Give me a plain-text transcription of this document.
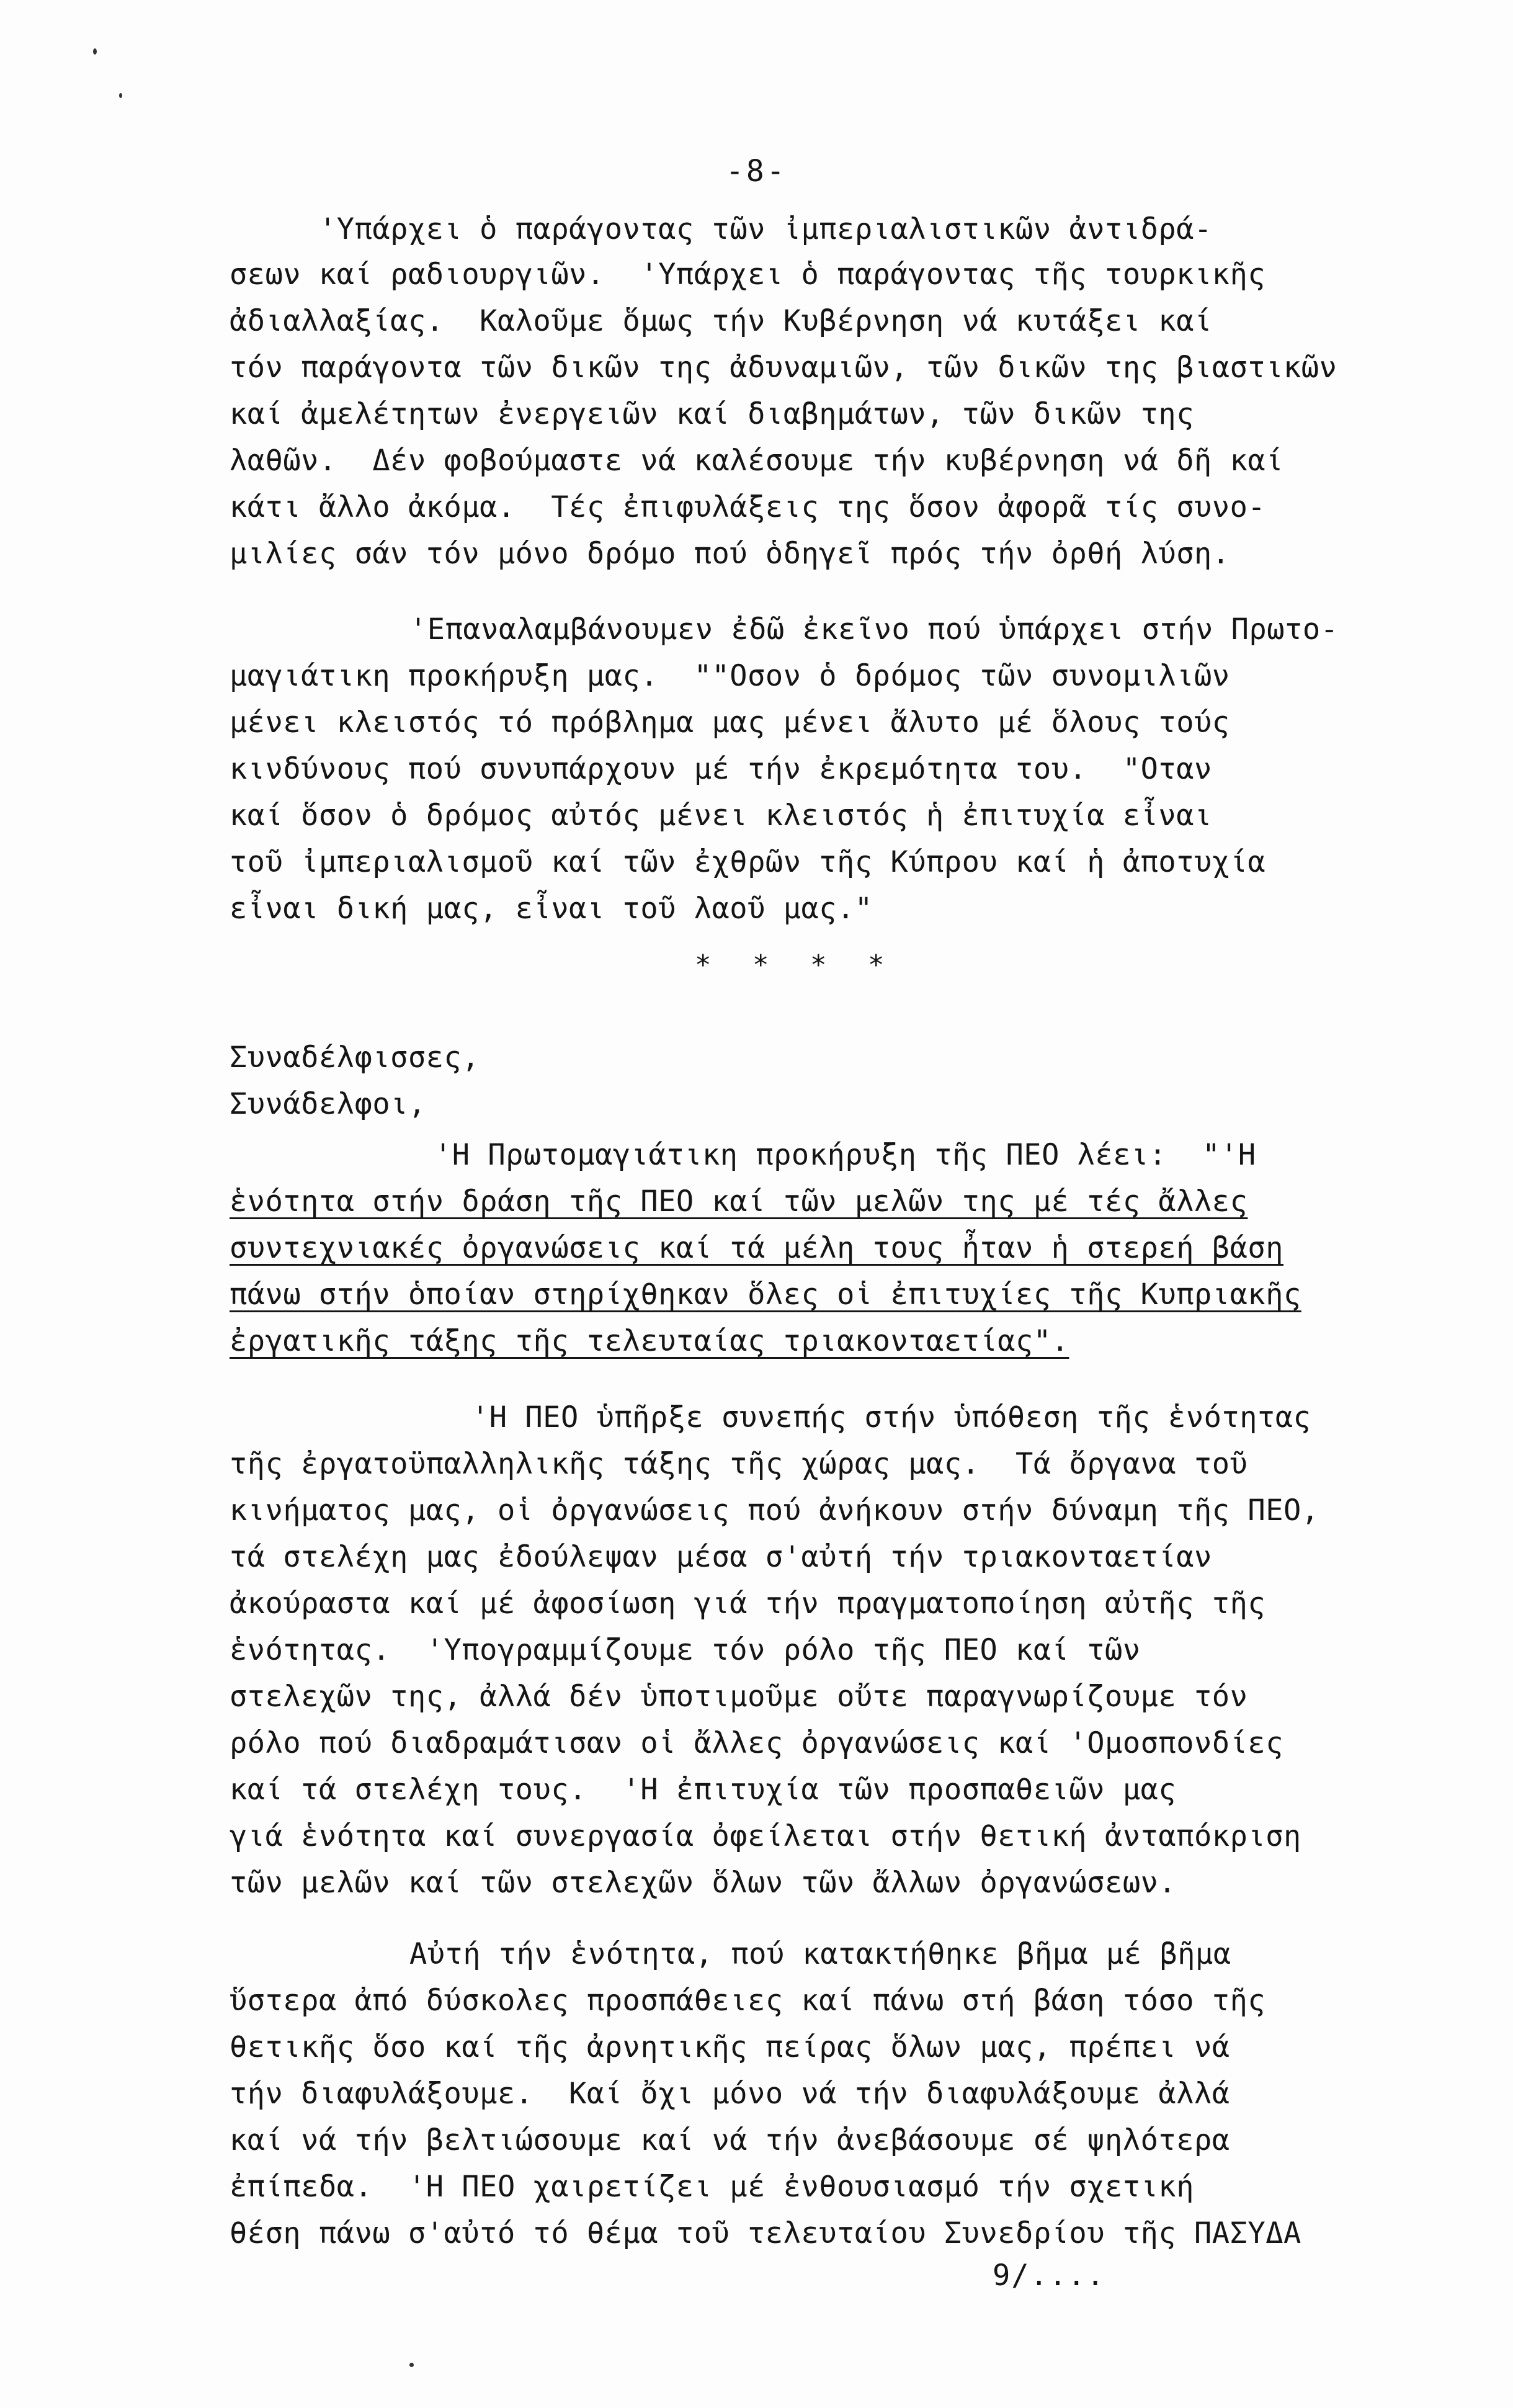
-8-
'Υπάρχει ὁ παράγοντας τῶν ἰμπεριαλιστικῶν ἀντιδρά-
σεων καί ραδιουργιῶν.  'Υπάρχει ὁ παράγοντας τῆς τουρκικῆς
ἀδιαλλαξίας.  Καλοῦμε ὅμως τήν Κυβέρνηση νά κυτάξει καί
τόν παράγοντα τῶν δικῶν της ἀδυναμιῶν, τῶν δικῶν της βιαστικῶν
καί ἀμελέτητων ἐνεργειῶν καί διαβημάτων, τῶν δικῶν της
λαθῶν.  Δέν φοβούμαστε νά καλέσουμε τήν κυβέρνηση νά δῆ καί
κάτι ἄλλο ἀκόμα.  Τές ἐπιφυλάξεις της ὅσον ἀφορᾶ τίς συνο-
μιλίες σάν τόν μόνο δρόμο πού ὁδηγεῖ πρός τήν ὀρθή λύση.
'Επαναλαμβάνουμεν ἐδῶ ἐκεῖνο πού ὑπάρχει στήν Πρωτο-
μαγιάτικη προκήρυξη μας.  ""Οσον ὁ δρόμος τῶν συνομιλιῶν
μένει κλειστός τό πρόβλημα μας μένει ἄλυτο μέ ὅλους τούς
κινδύνους πού συνυπάρχουν μέ τήν ἐκρεμότητα του.  "Οταν
καί ὅσον ὁ δρόμος αὐτός μένει κλειστός ἡ ἐπιτυχία εἶναι
τοῦ ἰμπεριαλισμοῦ καί τῶν ἐχθρῶν τῆς Κύπρου καί ἡ ἀποτυχία
εἶναι δική μας, εἶναι τοῦ λαοῦ μας."
* * * *
Συναδέλφισσες,
Συνάδελφοι,
'Η Πρωτομαγιάτικη προκήρυξη τῆς ΠΕΟ λέει:  "'Η
ἑνότητα στήν δράση τῆς ΠΕΟ καί τῶν μελῶν της μέ τές ἄλλες
συντεχνιακές ὀργανώσεις καί τά μέλη τους ἦταν ἡ στερεή βάση
πάνω στήν ὁποίαν στηρίχθηκαν ὅλες οἱ ἐπιτυχίες τῆς Κυπριακῆς
ἐργατικῆς τάξης τῆς τελευταίας τριακονταετίας".
'Η ΠΕΟ ὑπῆρξε συνεπής στήν ὑπόθεση τῆς ἑνότητας
τῆς ἐργατοϋπαλληλικῆς τάξης τῆς χώρας μας.  Τά ὄργανα τοῦ
κινήματος μας, οἱ ὀργανώσεις πού ἀνήκουν στήν δύναμη τῆς ΠΕΟ,
τά στελέχη μας ἐδούλεψαν μέσα σ'αὐτή τήν τριακονταετίαν
ἀκούραστα καί μέ ἀφοσίωση γιά τήν πραγματοποίηση αὐτῆς τῆς
ἑνότητας.  'Υπογραμμίζουμε τόν ρόλο τῆς ΠΕΟ καί τῶν
στελεχῶν της, ἀλλά δέν ὑποτιμοῦμε οὔτε παραγνωρίζουμε τόν
ρόλο πού διαδραμάτισαν οἱ ἄλλες ὀργανώσεις καί 'Ομοσπονδίες
καί τά στελέχη τους.  'Η ἐπιτυχία τῶν προσπαθειῶν μας
γιά ἑνότητα καί συνεργασία ὀφείλεται στήν θετική ἀνταπόκριση
τῶν μελῶν καί τῶν στελεχῶν ὅλων τῶν ἄλλων ὀργανώσεων.
Αὐτή τήν ἑνότητα, πού κατακτήθηκε βῆμα μέ βῆμα
ὕστερα ἀπό δύσκολες προσπάθειες καί πάνω στή βάση τόσο τῆς
θετικῆς ὅσο καί τῆς ἀρνητικῆς πείρας ὅλων μας, πρέπει νά
τήν διαφυλάξουμε.  Καί ὄχι μόνο νά τήν διαφυλάξουμε ἀλλά
καί νά τήν βελτιώσουμε καί νά τήν ἀνεβάσουμε σέ ψηλότερα
ἐπίπεδα.  'Η ΠΕΟ χαιρετίζει μέ ἐνθουσιασμό τήν σχετική
θέση πάνω σ'αὐτό τό θέμα τοῦ τελευταίου Συνεδρίου τῆς ΠΑΣΥΔΑ
9/....
